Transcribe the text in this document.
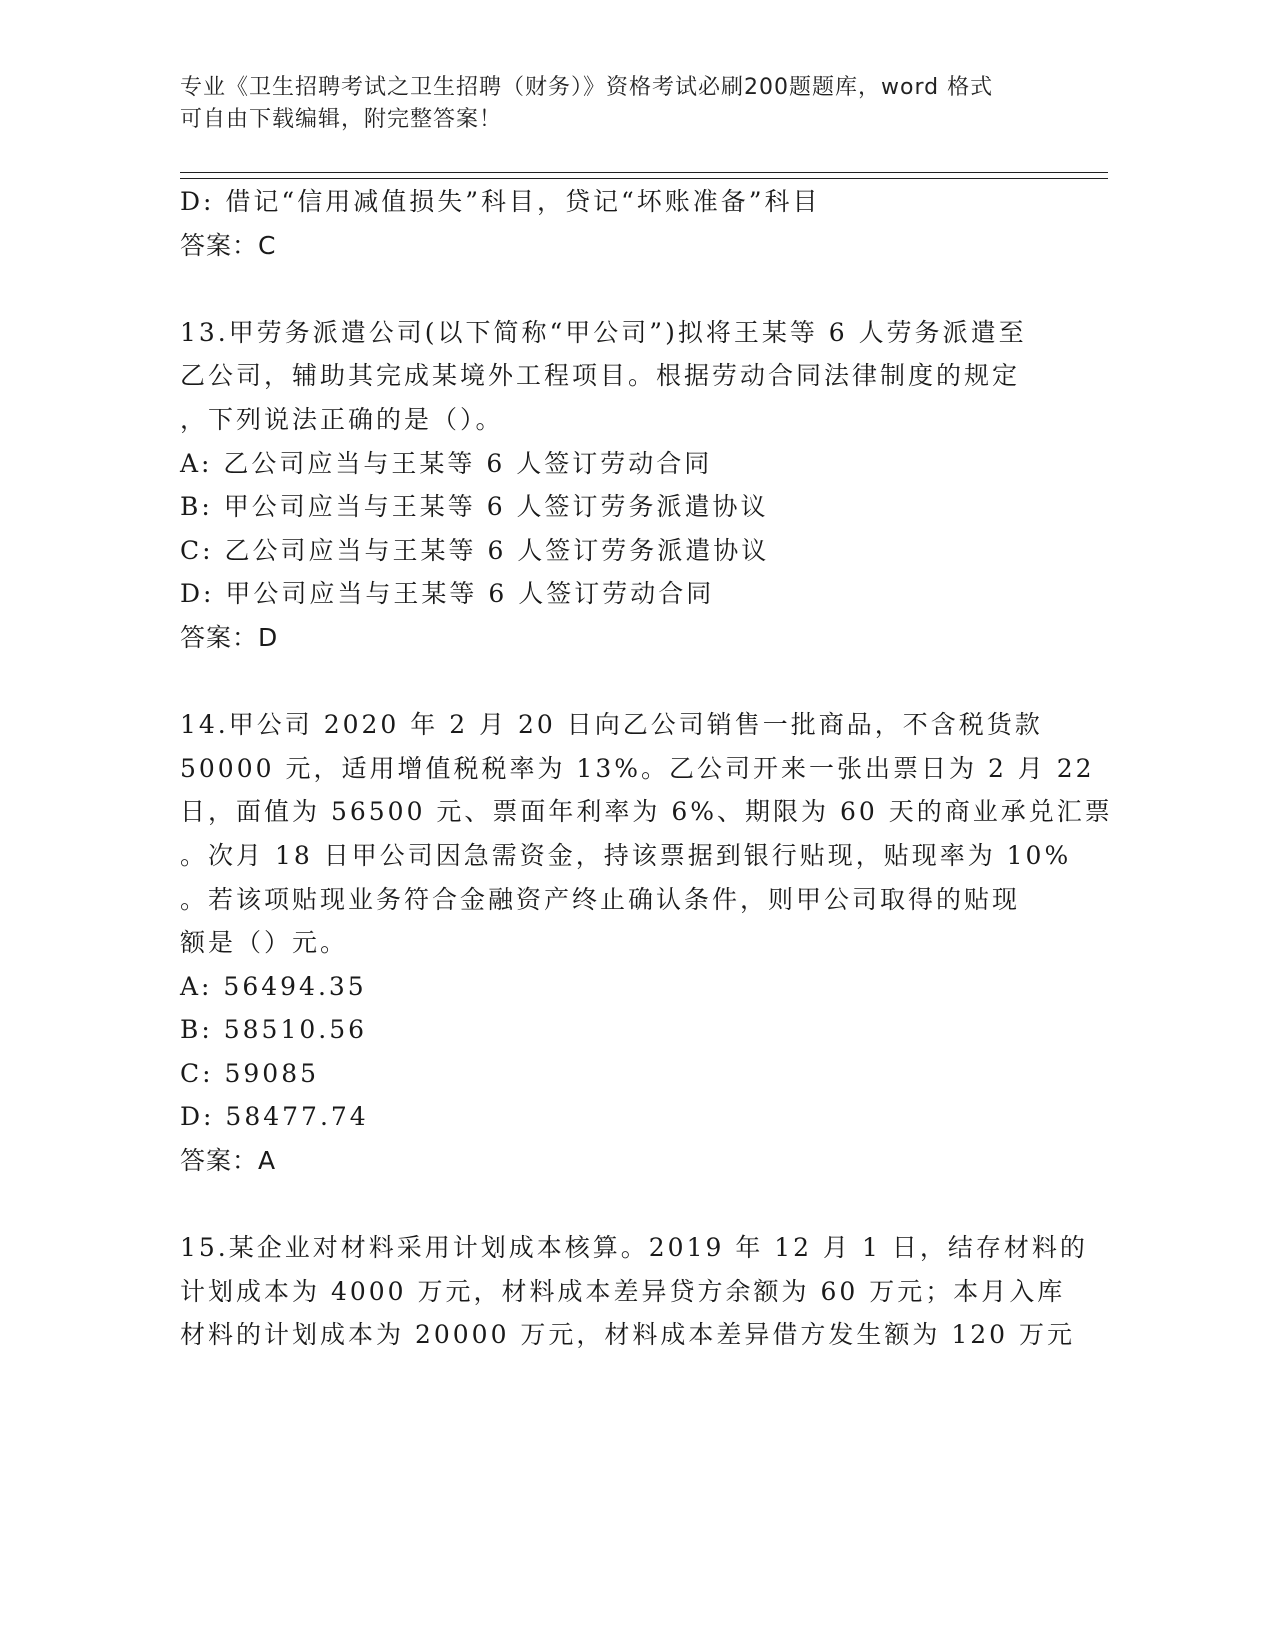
专业《卫生招聘考试之卫生招聘（财务）》资格考试必刷200题题库，word 格式
可自由下载编辑，附完整答案！
D: 借记“信用减值损失”科目，贷记“坏账准备”科目
答案：C
13.甲劳务派遣公司(以下简称“甲公司”)拟将王某等 6 人劳务派遣至
乙公司，辅助其完成某境外工程项目。根据劳动合同法律制度的规定
，下列说法正确的是（）。
A: 乙公司应当与王某等 6 人签订劳动合同
B: 甲公司应当与王某等 6 人签订劳务派遣协议
C: 乙公司应当与王某等 6 人签订劳务派遣协议
D: 甲公司应当与王某等 6 人签订劳动合同
答案：D
14.甲公司 2020 年 2 月 20 日向乙公司销售一批商品，不含税货款
50000 元，适用增值税税率为 13%。乙公司开来一张出票日为 2 月 22
日，面值为 56500 元、票面年利率为 6%、期限为 60 天的商业承兑汇票
。次月 18 日甲公司因急需资金，持该票据到银行贴现，贴现率为 10%
。若该项贴现业务符合金融资产终止确认条件，则甲公司取得的贴现
额是（）元。
A: 56494.35
B: 58510.56
C: 59085
D: 58477.74
答案：A
15.某企业对材料采用计划成本核算。2019 年 12 月 1 日，结存材料的
计划成本为 4000 万元，材料成本差异贷方余额为 60 万元；本月入库
材料的计划成本为 20000 万元，材料成本差异借方发生额为 120 万元
